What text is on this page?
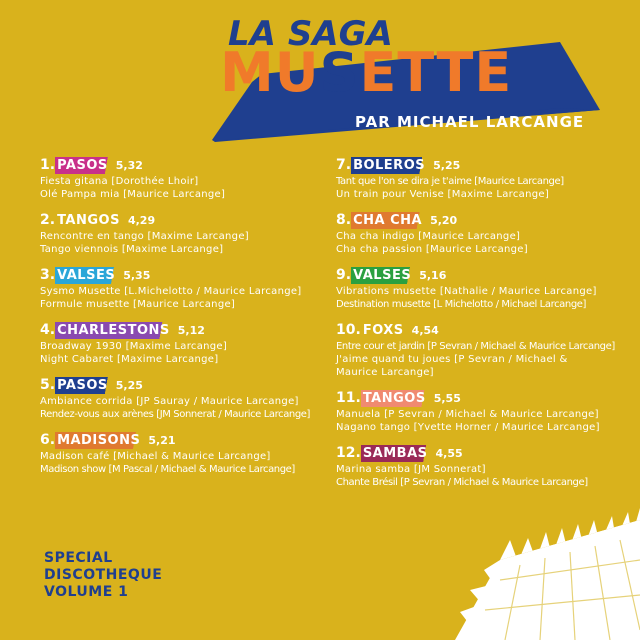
LA SAGA
MUSETTE
PAR MICHAEL LARCANGE
1. PASOS 5,32
Fiesta gitana [Dorothée Lhoir]
Olé Pampa mia [Maurice Larcange]
2. TANGOS 4,29
Rencontre en tango [Maxime Larcange]
Tango viennois [Maxime Larcange]
3. VALSES 5,35
Sysmo Musette [L.Michelotto / Maurice Larcange]
Formule musette [Maurice Larcange]
4. CHARLESTONS 5,12
Broadway 1930 [Maxime Larcange]
Night Cabaret [Maxime Larcange]
5. PASOS 5,25
Ambiance corrida [JP Sauray / Maurice Larcange]
Rendez-vous aux arènes [JM Sonnerat / Maurice Larcange]
6. MADISONS 5,21
Madison café [Michael & Maurice Larcange]
Madison show [M Pascal / Michael & Maurice Larcange]
7. BOLEROS 5,25
Tant que l'on se dira je t'aime [Maurice Larcange]
Un train pour Venise [Maxime Larcange]
8. CHA CHA 5,20
Cha cha indigo [Maurice Larcange]
Cha cha passion [Maurice Larcange]
9. VALSES 5,16
Vibrations musette [Nathalie / Maurice Larcange]
Destination musette [L Michelotto / Michael Larcange]
10. FOXS 4,54
Entre cour et jardin [P Sevran / Michael & Maurice Larcange]
J'aime quand tu joues [P Sevran / Michael &
Maurice Larcange]
11. TANGOS 5,55
Manuela [P Sevran / Michael & Maurice Larcange]
Nagano tango [Yvette Horner / Maurice Larcange]
12. SAMBAS 4,55
Marina samba [JM Sonnerat]
Chante Brésil [P Sevran / Michael & Maurice Larcange]
SPECIAL
DISCOTHEQUE
VOLUME 1
